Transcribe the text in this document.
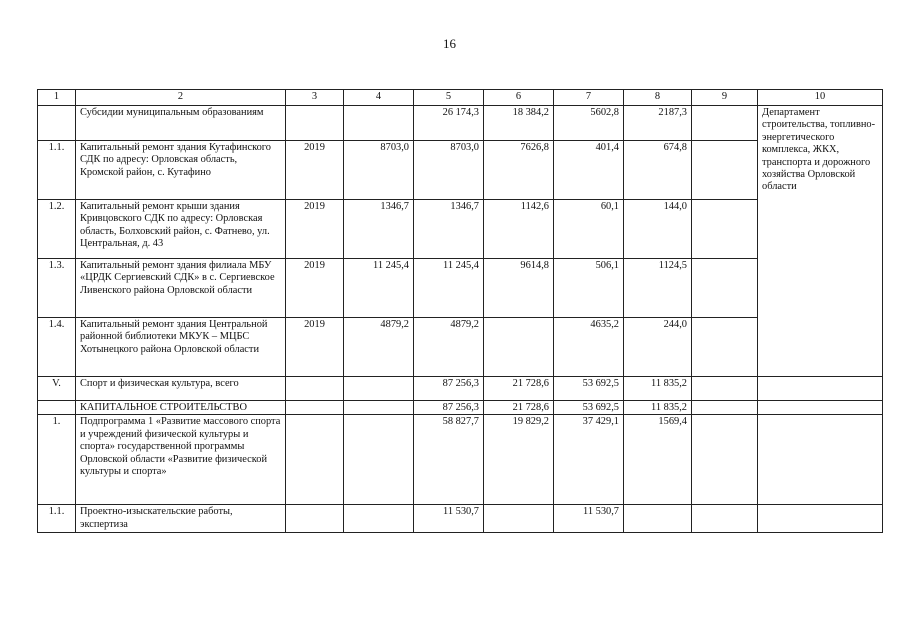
16
1	2	3	4	5	6	7	8	9	10
	Субсидии муниципальным образованиям			26 174,3	18 384,2	5602,8	2187,3		Департамент строительства, топливно-энергетического комплекса, ЖКХ, транспорта и дорожного хозяйства Орловской области
1.1.	Капитальный ремонт здания Кутафинского СДК по адресу: Орловская область, Кромской район, с. Кутафино	2019	8703,0	8703,0	7626,8	401,4	674,8		
1.2.	Капитальный ремонт крыши здания Кривцовского СДК по адресу: Орловская область, Болховский район, с. Фатнево, ул. Центральная, д. 43	2019	1346,7	1346,7	1142,6	60,1	144,0		
1.3.	Капитальный ремонт здания филиала МБУ «ЦРДК Сергиевский СДК» в с. Сергиевское Ливенского района Орловской области	2019	11 245,4	11 245,4	9614,8	506,1	1124,5		
1.4.	Капитальный ремонт здания Центральной районной библиотеки МКУК – МЦБС Хотынецкого района Орловской области	2019	4879,2	4879,2		4635,2	244,0		
V.	Спорт и физическая культура, всего			87 256,3	21 728,6	53 692,5	11 835,2		
	КАПИТАЛЬНОЕ СТРОИТЕЛЬСТВО			87 256,3	21 728,6	53 692,5	11 835,2		
1.	Подпрограмма 1 «Развитие массового спорта и учреждений физической культуры и спорта» государственной программы Орловской области «Развитие физической культуры и спорта»			58 827,7	19 829,2	37 429,1	1569,4		
1.1.	Проектно-изыскательские работы, экспертиза			11 530,7		11 530,7			
